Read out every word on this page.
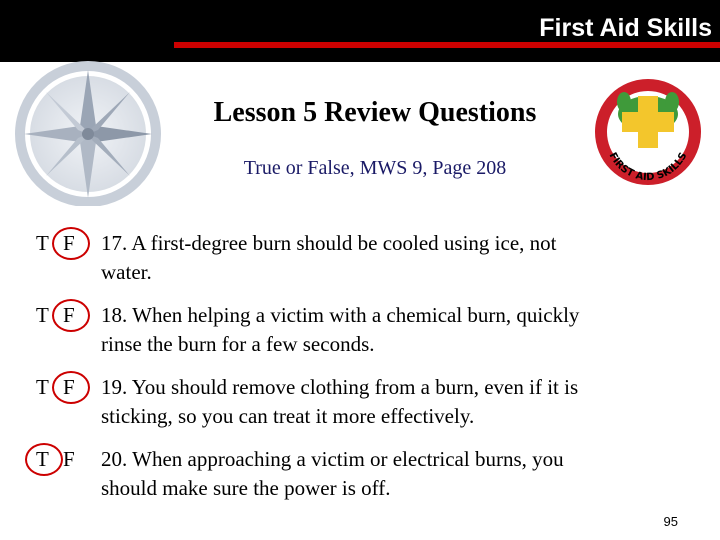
First Aid Skills
FIRST AID SKILLS
Lesson 5 Review Questions
True or False, MWS 9, Page 208
T F 17. A first-degree burn should be cooled using ice, not
water.
T F 18. When helping a victim with a chemical burn, quickly
rinse the burn for a few seconds.
T F 19. You should remove clothing from a burn, even if it is
sticking, so you can treat it more effectively.
T F 20. When approaching a victim or electrical burns, you
should make sure the power is off.
95
